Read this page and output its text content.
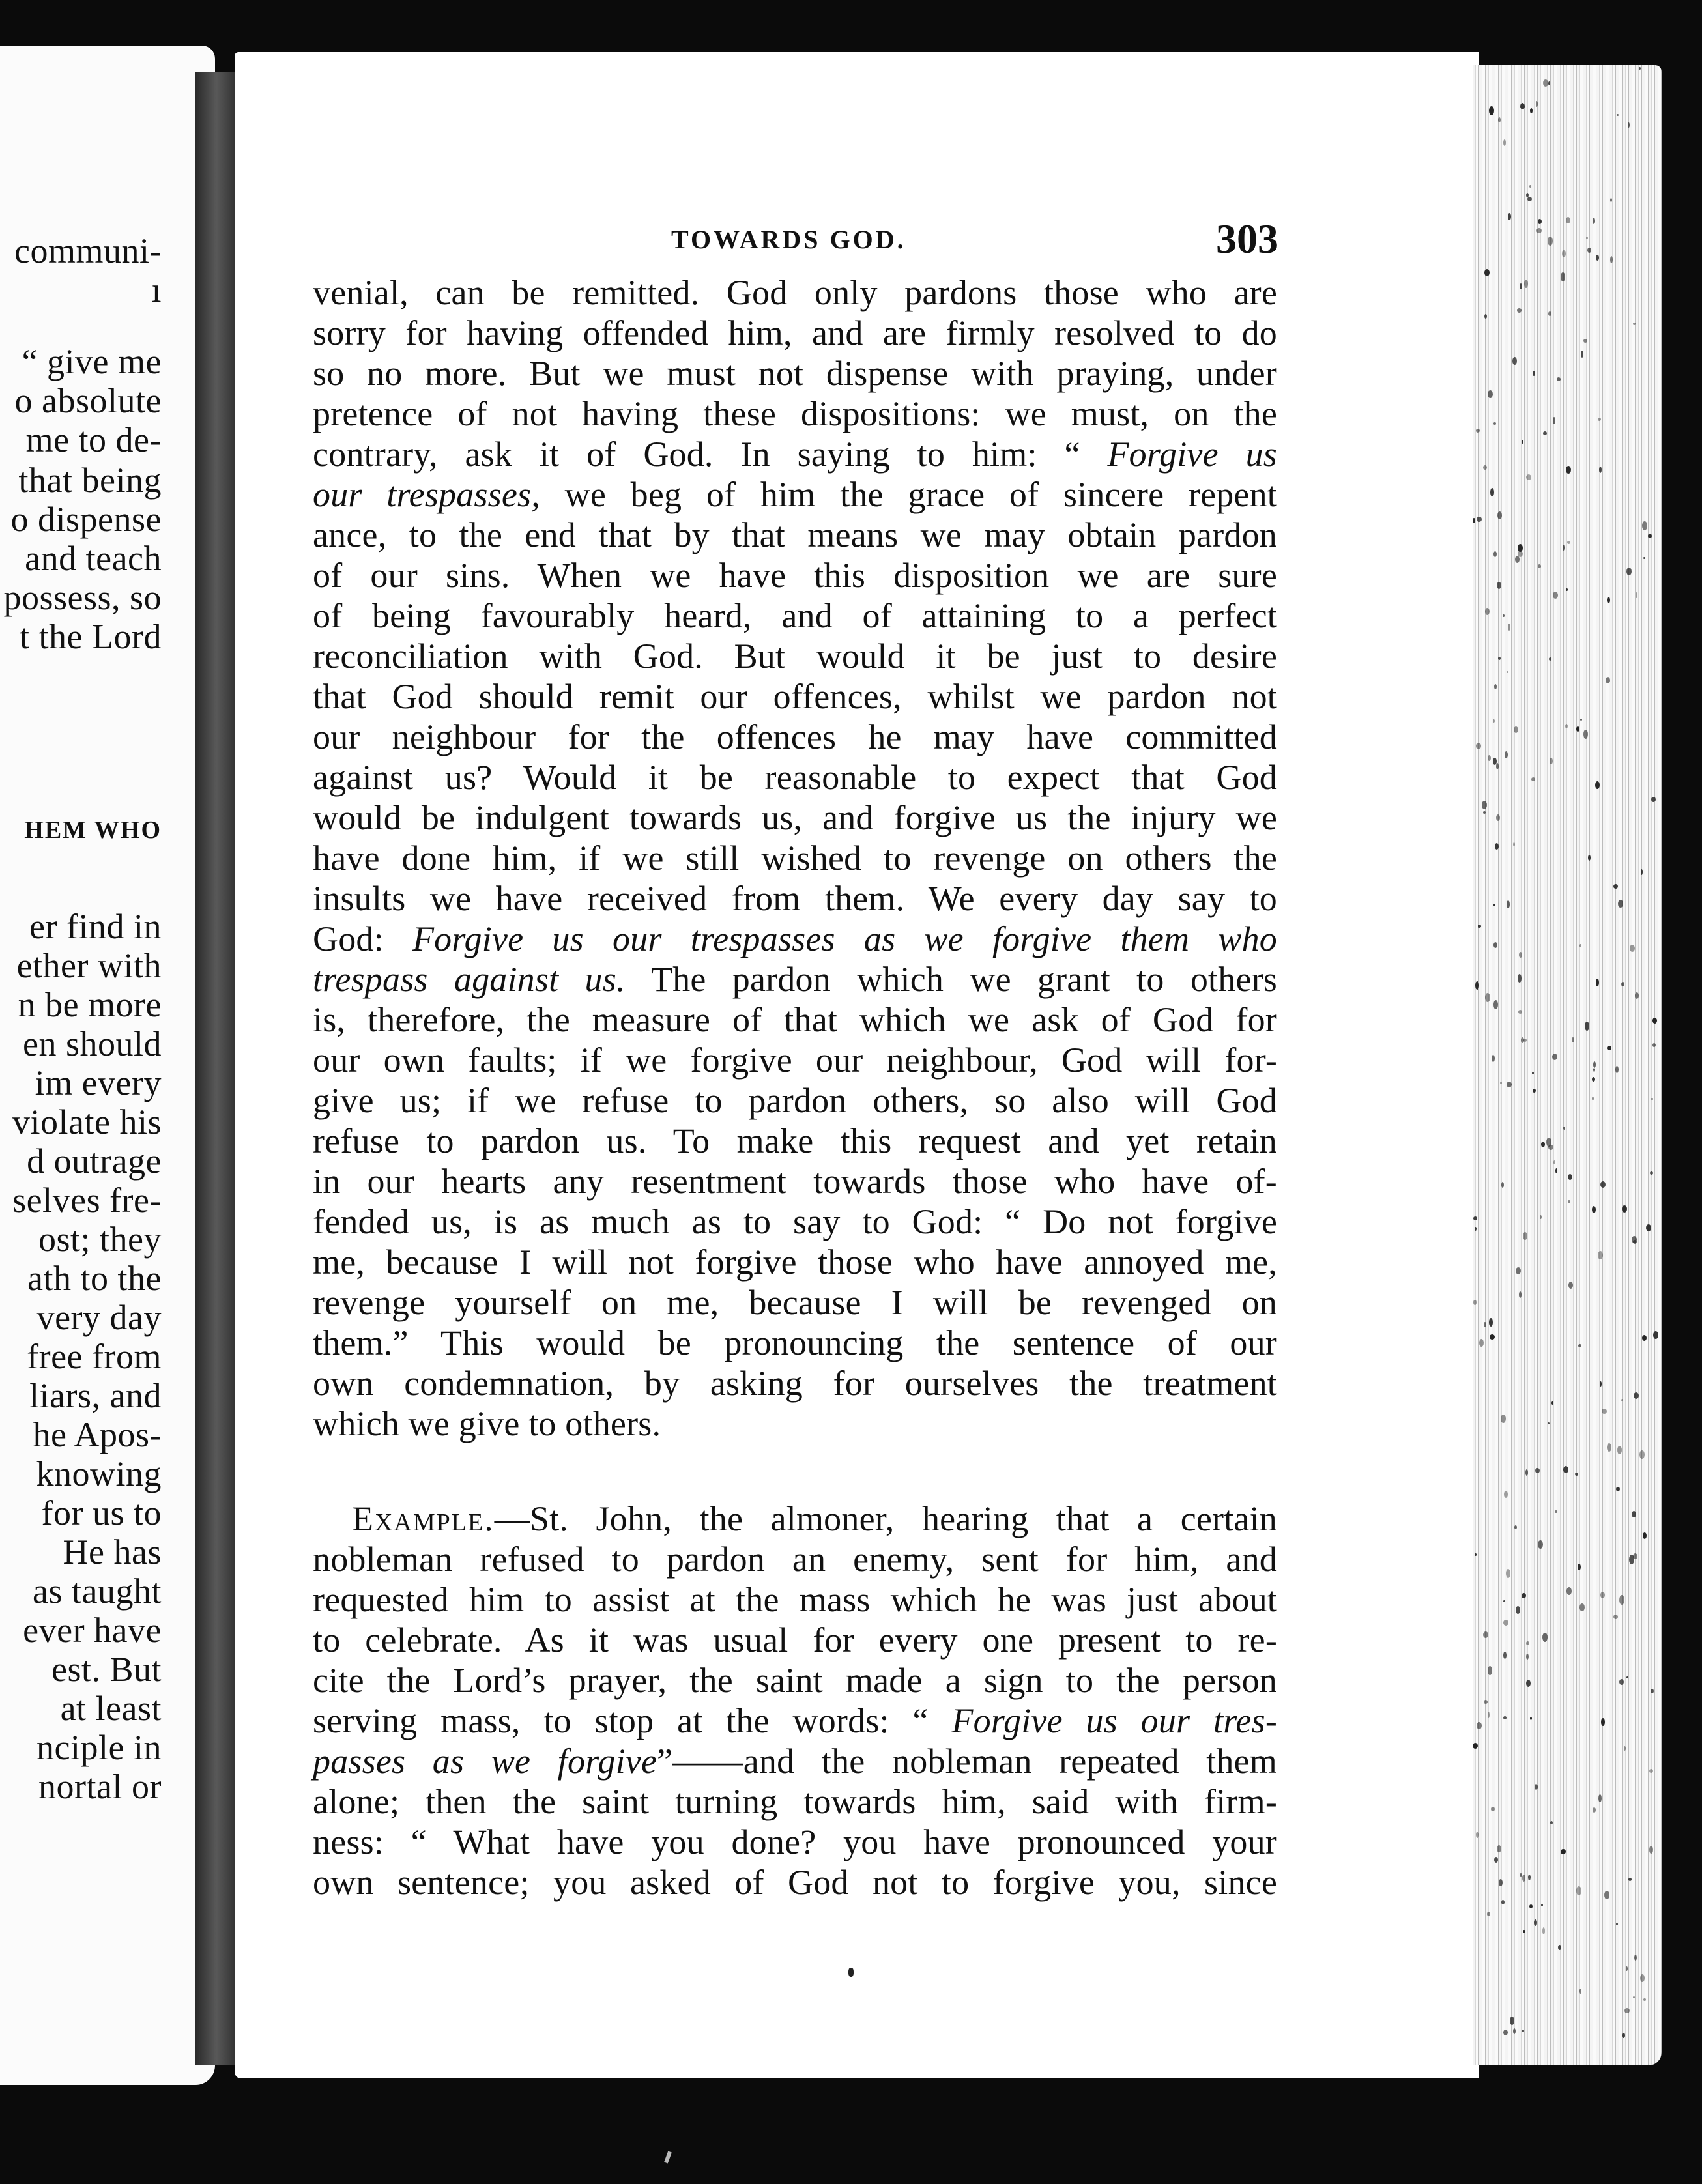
communi-
ı
“ give me
o absolute
me to de-
that being
o dispense
and teach
possess, so
t the Lord
HEM WHO
er find in
ether with
n be more
en should
im every
violate his
d outrage
selves fre-
ost; they
ath to the
very day
free from
liars, and
he Apos-
knowing
for us to
He has
as taught
ever have
est. But
at least
nciple in
nortal or
TOWARDS GOD.	303
venial, can be remitted. God only pardons those who are
sorry for having offended him, and are firmly resolved to do
so no more. But we must not dispense with praying, under
pretence of not having these dispositions: we must, on the
contrary, ask it of God. In saying to him: “ Forgive us
our trespasses, we beg of him the grace of sincere repent
ance, to the end that by that means we may obtain pardon
of our sins. When we have this disposition we are sure
of being favourably heard, and of attaining to a perfect
reconciliation with God. But would it be just to desire
that God should remit our offences, whilst we pardon not
our neighbour for the offences he may have committed
against us? Would it be reasonable to expect that God
would be indulgent towards us, and forgive us the injury we
have done him, if we still wished to revenge on others the
insults we have received from them. We every day say to
God: Forgive us our trespasses as we forgive them who
trespass against us. The pardon which we grant to others
is, therefore, the measure of that which we ask of God for
our own faults; if we forgive our neighbour, God will for-
give us; if we refuse to pardon others, so also will God
refuse to pardon us. To make this request and yet retain
in our hearts any resentment towards those who have of-
fended us, is as much as to say to God: “ Do not forgive
me, because I will not forgive those who have annoyed me,
revenge yourself on me, because I will be revenged on
them.” This would be pronouncing the sentence of our
own condemnation, by asking for ourselves the treatment
which we give to others.
Example.—St. John, the almoner, hearing that a certain
nobleman refused to pardon an enemy, sent for him, and
requested him to assist at the mass which he was just about
to celebrate. As it was usual for every one present to re-
cite the Lord’s prayer, the saint made a sign to the person
serving mass, to stop at the words: “ Forgive us our tres-
passes as we forgive”——and the nobleman repeated them
alone; then the saint turning towards him, said with firm-
ness: “ What have you done? you have pronounced your
own sentence; you asked of God not to forgive you, since
